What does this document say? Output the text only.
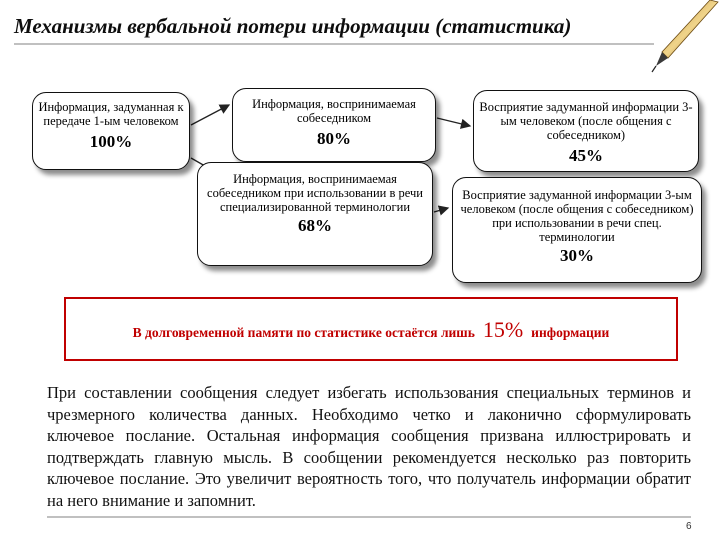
Механизмы вербальной потери информации (статистика)
Информация, задуманная к передаче 1-ым человеком
100%
Информация, воспринимаемая собеседником
80%
Восприятие задуманной информации 3-ым человеком (после общения с собеседником)
45%
Информация, воспринимаемая собеседником при использовании в речи специализированной терминологии
68%
Восприятие задуманной информации 3-ым человеком (после общения с собеседником) при использовании в речи спец. терминологии
30%
В долговременной памяти по статистике остаётся лишь 15% информации
При составлении сообщения следует избегать использования специальных терминов и чрезмерного количества данных. Необходимо четко и лаконично сформулировать ключевое послание. Остальная информация сообщения призвана иллюстрировать и подтверждать главную мысль. В сообщении рекомендуется несколько раз повторить ключевое послание. Это увеличит вероятность того, что получатель информации обратит на него внимание и запомнит.
6
